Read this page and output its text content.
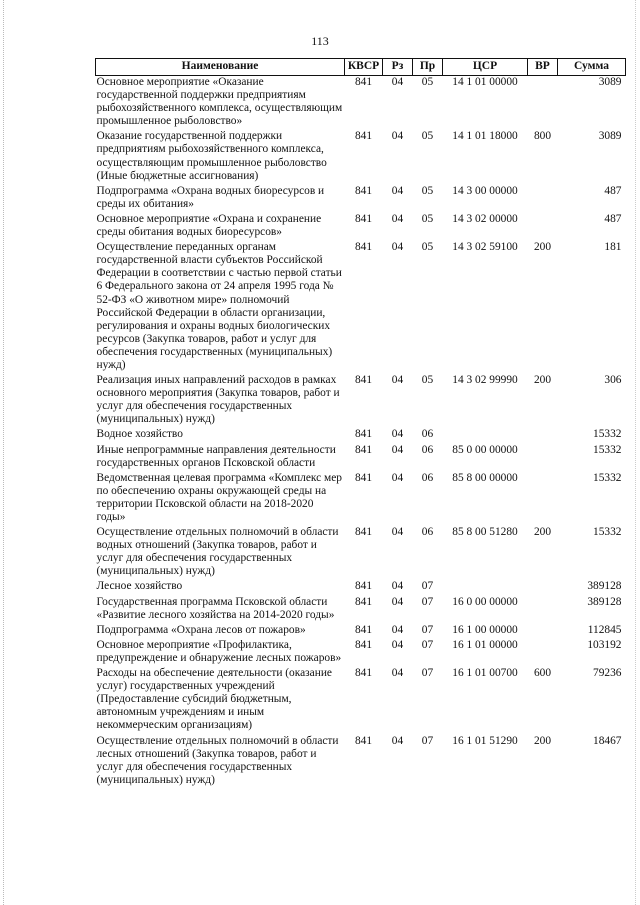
113
Наименование	КВСР	Рз	Пр	ЦСР	ВР	Сумма
Основное мероприятие «Оказание государственной поддержки предприятиям рыбохозяйственного комплекса, осуществляющим промышленное рыболовство»	841	04	05	14 1 01 00000		3089
Оказание государственной поддержки предприятиям рыбохозяйственного комплекса, осуществляющим промышленное рыболовство (Иные бюджетные ассигнования)	841	04	05	14 1 01 18000	800	3089
Подпрограмма «Охрана водных биоресурсов и среды их обитания»	841	04	05	14 3 00 00000		487
Основное мероприятие «Охрана и сохранение среды обитания водных биоресурсов»	841	04	05	14 3 02 00000		487
Осуществление переданных органам государственной власти субъектов Российской Федерации в соответствии с частью первой статьи 6 Федерального закона от 24 апреля 1995 года № 52-ФЗ «О животном мире» полномочий Российской Федерации в области организации, регулирования и охраны водных биологических ресурсов (Закупка товаров, работ и услуг для обеспечения государственных (муниципальных) нужд)	841	04	05	14 3 02 59100	200	181
Реализация иных направлений расходов в рамках основного мероприятия (Закупка товаров, работ и услуг для обеспечения государственных (муниципальных) нужд)	841	04	05	14 3 02 99990	200	306
Водное хозяйство	841	04	06			15332
Иные непрограммные направления деятельности государственных органов Псковской области	841	04	06	85 0 00 00000		15332
Ведомственная целевая программа «Комплекс мер по обеспечению охраны окружающей среды на территории Псковской области на 2018-2020 годы»	841	04	06	85 8 00 00000		15332
Осуществление отдельных полномочий в области водных отношений (Закупка товаров, работ и услуг для обеспечения государственных (муниципальных) нужд)	841	04	06	85 8 00 51280	200	15332
Лесное хозяйство	841	04	07			389128
Государственная программа Псковской области «Развитие лесного хозяйства на 2014-2020 годы»	841	04	07	16 0 00 00000		389128
Подпрограмма «Охрана лесов от пожаров»	841	04	07	16 1 00 00000		112845
Основное мероприятие «Профилактика, предупреждение и обнаружение лесных пожаров»	841	04	07	16 1 01 00000		103192
Расходы на обеспечение деятельности (оказание услуг) государственных учреждений (Предоставление субсидий бюджетным, автономным учреждениям и иным некоммерческим организациям)	841	04	07	16 1 01 00700	600	79236
Осуществление отдельных полномочий в области лесных отношений (Закупка товаров, работ и услуг для обеспечения государственных (муниципальных) нужд)	841	04	07	16 1 01 51290	200	18467
